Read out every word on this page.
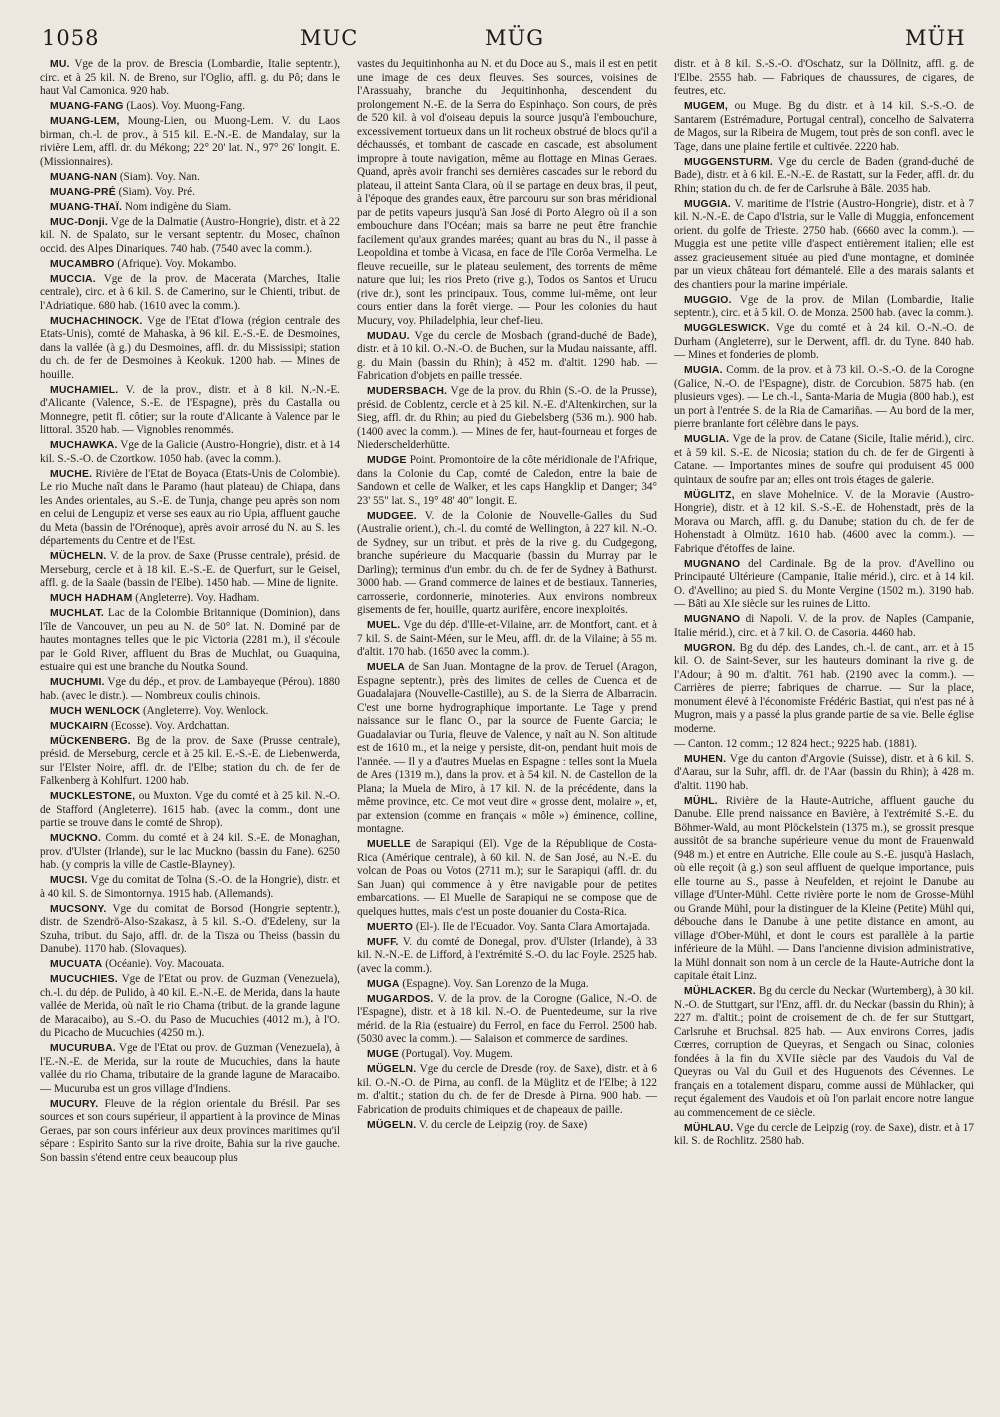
1058	MUC	MÜG	MÜH

MU. Vge de la prov. de Brescia (Lombardie, Italie septentr.), circ. et à 25 kil. N. de Breno, sur l'Oglio, affl. g. du Pô; dans le haut Val Camonica. 920 hab.

MUANG-FANG (Laos). Voy. Muong-Fang.

MUANG-LEM, Moung-Lien, ou Muong-Lem. V. du Laos birman, ch.-l. de prov., à 515 kil. E.-N.-E. de Mandalay, sur la rivière Lem, affl. dr. du Mékong; 22° 20' lat. N., 97° 26' longit. E. (Missionnaires).

MUANG-NAN (Siam). Voy. Nan.

MUANG-PRÉ (Siam). Voy. Pré.

MUANG-THAÏ. Nom indigène du Siam.

MUC-Donji. Vge de la Dalmatie (Austro-Hongrie), distr. et à 22 kil. N. de Spalato, sur le versant septentr. du Mosec, chaînon occid. des Alpes Dinariques. 740 hab. (7540 avec la comm.).

MUCAMBRO (Afrique). Voy. Mokambo.

MUCCIA. Vge de la prov. de Macerata (Marches, Italie centrale), circ. et à 6 kil. S. de Camerino, sur le Chienti, tribut. de l'Adriatique. 680 hab. (1610 avec la comm.).

MUCHACHINOCK. Vge de l'Etat d'Iowa (région centrale des Etats-Unis), comté de Mahaska, à 96 kil. E.-S.-E. de Desmoines, dans la vallée (à g.) du Desmoines, affl. dr. du Mississipi; station du ch. de fer de Desmoines à Keokuk. 1200 hab. — Mines de houille.

MUCHAMIEL. V. de la prov., distr. et à 8 kil. N.-N.-E. d'Alicante (Valence, S.-E. de l'Espagne), près du Castalla ou Monnegre, petit fl. côtier; sur la route d'Alicante à Valence par le littoral. 3520 hab. — Vignobles renommés.

MUCHAWKA. Vge de la Galicie (Austro-Hongrie), distr. et à 14 kil. S.-S.-O. de Czortkow. 1050 hab. (avec la comm.).

MUCHE. Rivière de l'Etat de Boyaca (Etats-Unis de Colombie). Le rio Muche naît dans le Paramo (haut plateau) de Chiapa, dans les Andes orientales, au S.-E. de Tunja, change peu après son nom en celui de Lengupiz et verse ses eaux au rio Upia, affluent gauche du Meta (bassin de l'Orénoque), après avoir arrosé du N. au S. les départements du Centre et de l'Est.

MÜCHELN. V. de la prov. de Saxe (Prusse centrale), présid. de Merseburg, cercle et à 18 kil. E.-S.-E. de Querfurt, sur le Geisel, affl. g. de la Saale (bassin de l'Elbe). 1450 hab. — Mine de lignite.

MUCH HADHAM (Angleterre). Voy. Hadham.

MUCHLAT. Lac de la Colombie Britannique (Dominion), dans l'île de Vancouver, un peu au N. de 50° lat. N. Dominé par de hautes montagnes telles que le pic Victoria (2281 m.), il s'écoule par le Gold River, affluent du Bras de Muchlat, ou Guaquina, estuaire qui est une branche du Noutka Sound.

MUCHUMI. Vge du dép., et prov. de Lambayeque (Pérou). 1880 hab. (avec le distr.). — Nombreux coulis chinois.

MUCH WENLOCK (Angleterre). Voy. Wenlock.

MUCKAIRN (Ecosse). Voy. Ardchattan.

MÜCKENBERG. Bg de la prov. de Saxe (Prusse centrale), présid. de Merseburg, cercle et à 25 kil. E.-S.-E. de Liebenwerda, sur l'Elster Noire, affl. dr. de l'Elbe; station du ch. de fer de Falkenberg à Kohlfurt. 1200 hab.

MUCKLESTONE, ou Muxton. Vge du comté et à 25 kil. N.-O. de Stafford (Angleterre). 1615 hab. (avec la comm., dont une partie se trouve dans le comté de Shrop).

MUCKNO. Comm. du comté et à 24 kil. S.-E. de Monaghan, prov. d'Ulster (Irlande), sur le lac Muckno (bassin du Fane). 6250 hab. (y compris la ville de Castle-Blayney).

MUCSI. Vge du comitat de Tolna (S.-O. de la Hongrie), distr. et à 40 kil. S. de Simontornya. 1915 hab. (Allemands).

MUCSONY. Vge du comitat de Borsod (Hongrie septentr.), distr. de Szendrö-Also-Szakasz, à 5 kil. S.-O. d'Edeleny, sur la Szuha, tribut. du Sajo, affl. dr. de la Tisza ou Theiss (bassin du Danube). 1170 hab. (Slovaques).

MUCUATA (Océanie). Voy. Macouata.

MUCUCHIES. Vge de l'Etat ou prov. de Guzman (Venezuela), ch.-l. du dép. de Pulido, à 40 kil. E.-N.-E. de Merida, dans la haute vallée de Merida, où naît le rio Chama (tribut. de la grande lagune de Maracaibo), au S.-O. du Paso de Mucuchies (4012 m.), à l'O. du Picacho de Mucuchies (4250 m.).

MUCURUBA. Vge de l'Etat ou prov. de Guzman (Venezuela), à l'E.-N.-E. de Merida, sur la route de Mucuchies, dans la haute vallée du rio Chama, tributaire de la grande lagune de Maracaibo. — Mucuruba est un gros village d'Indiens.

MUCURY. Fleuve de la région orientale du Brésil. Par ses sources et son cours supérieur, il appartient à la province de Minas Geraes, par son cours inférieur aux deux provinces maritimes qu'il sépare : Espirito Santo sur la rive droite, Bahia sur la rive gauche. Son bassin s'étend entre ceux beaucoup plus

vastes du Jequitinhonha au N. et du Doce au S., mais il est en petit une image de ces deux fleuves. Ses sources, voisines de l'Arassuahy, branche du Jequitinhonha, descendent du prolongement N.-E. de la Serra do Espinhaço. Son cours, de près de 520 kil. à vol d'oiseau depuis la source jusqu'à l'embouchure, excessivement tortueux dans un lit rocheux obstrué de blocs qu'il a déchaussés, et tombant de cascade en cascade, est absolument impropre à toute navigation, même au flottage en Minas Geraes. Quand, après avoir franchi ses dernières cascades sur le rebord du plateau, il atteint Santa Clara, où il se partage en deux bras, il peut, à l'époque des grandes eaux, être parcouru sur son bras méridional par de petits vapeurs jusqu'à San José di Porto Alegro où il a son embouchure dans l'Océan; mais sa barre ne peut être franchie facilement qu'aux grandes marées; quant au bras du N., il passe à Leopoldina et tombe à Vicasa, en face de l'île Corôa Vermelha. Le fleuve recueille, sur le plateau seulement, des torrents de même nature que lui; les rios Preto (rive g.), Todos os Santos et Urucu (rive dr.), sont les principaux. Tous, comme lui-même, ont leur cours entier dans la forêt vierge. — Pour les colonies du haut Mucury, voy. Philadelphia, leur chef-lieu.

MUDAU. Vge du cercle de Mosbach (grand-duché de Bade), distr. et à 10 kil. O.-N.-O. de Buchen, sur la Mudau naissante, affl. g. du Main (bassin du Rhin); à 452 m. d'altit. 1290 hab. — Fabrication d'objets en paille tressée.

MUDERSBACH. Vge de la prov. du Rhin (S.-O. de la Prusse), présid. de Coblentz, cercle et à 25 kil. N.-E. d'Altenkirchen, sur la Sieg, affl. dr. du Rhin; au pied du Giebelsberg (536 m.). 900 hab. (1400 avec la comm.). — Mines de fer, haut-fourneau et forges de Niederschelderhütte.

MUDGE Point. Promontoire de la côte méridionale de l'Afrique, dans la Colonie du Cap, comté de Caledon, entre la baie de Sandown et celle de Walker, et les caps Hangklip et Danger; 34° 23' 55" lat. S., 19° 48' 40" longit. E.

MUDGEE. V. de la Colonie de Nouvelle-Galles du Sud (Australie orient.), ch.-l. du comté de Wellington, à 227 kil. N.-O. de Sydney, sur un tribut. et près de la rive g. du Cudgegong, branche supérieure du Macquarie (bassin du Murray par le Darling); terminus d'un embr. du ch. de fer de Sydney à Bathurst. 3000 hab. — Grand commerce de laines et de bestiaux. Tanneries, carrosserie, cordonnerie, minoteries. Aux environs nombreux gisements de fer, houille, quartz aurifère, encore inexploités.

MUEL. Vge du dép. d'Ille-et-Vilaine, arr. de Montfort, cant. et à 7 kil. S. de Saint-Méen, sur le Meu, affl. dr. de la Vilaine; à 55 m. d'altit. 170 hab. (1650 avec la comm.).

MUELA de San Juan. Montagne de la prov. de Teruel (Aragon, Espagne septentr.), près des limites de celles de Cuenca et de Guadalajara (Nouvelle-Castille), au S. de la Sierra de Albarracin. C'est une borne hydrographique importante. Le Tage y prend naissance sur le flanc O., par la source de Fuente Garcia; le Guadalaviar ou Turia, fleuve de Valence, y naît au N. Son altitude est de 1610 m., et la neige y persiste, dit-on, pendant huit mois de l'année. — Il y a d'autres Muelas en Espagne : telles sont la Muela de Ares (1319 m.), dans la prov. et à 54 kil. N. de Castellon de la Plana; la Muela de Miro, à 17 kil. N. de la précédente, dans la même province, etc. Ce mot veut dire « grosse dent, molaire », et, par extension (comme en français « môle ») éminence, colline, montagne.

MUELLE de Sarapiqui (El). Vge de la République de Costa-Rica (Amérique centrale), à 60 kil. N. de San José, au N.-E. du volcan de Poas ou Votos (2711 m.); sur le Sarapiqui (affl. dr. du San Juan) qui commence à y être navigable pour de petites embarcations. — El Muelle de Sarapiqui ne se compose que de quelques huttes, mais c'est un poste douanier du Costa-Rica.

MUERTO (El-). Ile de l'Ecuador. Voy. Santa Clara Amortajada.

MUFF. V. du comté de Donegal, prov. d'Ulster (Irlande), à 33 kil. N.-N.-E. de Lifford, à l'extrémité S.-O. du lac Foyle. 2525 hab. (avec la comm.).

MUGA (Espagne). Voy. San Lorenzo de la Muga.

MUGARDOS. V. de la prov. de la Corogne (Galice, N.-O. de l'Espagne), distr. et à 18 kil. N.-O. de Puentedeume, sur la rive mérid. de la Ria (estuaire) du Ferrol, en face du Ferrol. 2500 hab. (5030 avec la comm.). — Salaison et commerce de sardines.

MUGE (Portugal). Voy. Mugem.

MÜGELN. Vge du cercle de Dresde (roy. de Saxe), distr. et à 6 kil. O.-N.-O. de Pirna, au confl. de la Müglitz et de l'Elbe; à 122 m. d'altit.; station du ch. de fer de Dresde à Pirna. 900 hab. — Fabrication de produits chimiques et de chapeaux de paille.

MÜGELN. V. du cercle de Leipzig (roy. de Saxe)

distr. et à 8 kil. S.-S.-O. d'Oschatz, sur la Döllnitz, affl. g. de l'Elbe. 2555 hab. — Fabriques de chaussures, de cigares, de feutres, etc.

MUGEM, ou Muge. Bg du distr. et à 14 kil. S.-S.-O. de Santarem (Estrémadure, Portugal central), concelho de Salvaterra de Magos, sur la Ribeira de Mugem, tout près de son confl. avec le Tage, dans une plaine fertile et cultivée. 2220 hab.

MUGGENSTURM. Vge du cercle de Baden (grand-duché de Bade), distr. et à 6 kil. E.-N.-E. de Rastatt, sur la Feder, affl. dr. du Rhin; station du ch. de fer de Carlsruhe à Bâle. 2035 hab.

MUGGIA. V. maritime de l'Istrie (Austro-Hongrie), distr. et à 7 kil. N.-N.-E. de Capo d'Istria, sur le Valle di Muggia, enfoncement orient. du golfe de Trieste. 2750 hab. (6660 avec la comm.). — Muggia est une petite ville d'aspect entièrement italien; elle est assez gracieusement située au pied d'une montagne, et dominée par un vieux château fort démantelé. Elle a des marais salants et des chantiers pour la marine impériale.

MUGGIO. Vge de la prov. de Milan (Lombardie, Italie septentr.), circ. et à 5 kil. O. de Monza. 2500 hab. (avec la comm.).

MUGGLESWICK. Vge du comté et à 24 kil. O.-N.-O. de Durham (Angleterre), sur le Derwent, affl. dr. du Tyne. 840 hab. — Mines et fonderies de plomb.

MUGIA. Comm. de la prov. et à 73 kil. O.-S.-O. de la Corogne (Galice, N.-O. de l'Espagne), distr. de Corcubion. 5875 hab. (en plusieurs vges). — Le ch.-l., Santa-Maria de Mugia (800 hab.), est un port à l'entrée S. de la Ria de Camariñas. — Au bord de la mer, pierre branlante fort célèbre dans le pays.

MUGLIA. Vge de la prov. de Catane (Sicile, Italie mérid.), circ. et à 59 kil. S.-E. de Nicosia; station du ch. de fer de Girgenti à Catane. — Importantes mines de soufre qui produisent 45 000 quintaux de soufre par an; elles ont trois étages de galerie.

MÜGLITZ, en slave Mohelnice. V. de la Moravie (Austro-Hongrie), distr. et à 12 kil. S.-S.-E. de Hohenstadt, près de la Morava ou March, affl. g. du Danube; station du ch. de fer de Hohenstadt à Olmütz. 1610 hab. (4600 avec la comm.). — Fabrique d'étoffes de laine.

MUGNANO del Cardinale. Bg de la prov. d'Avellino ou Principauté Ultérieure (Campanie, Italie mérid.), circ. et à 14 kil. O. d'Avellino; au pied S. du Monte Vergine (1502 m.). 3190 hab. — Bâti au XIe siècle sur les ruines de Litto.

MUGNANO di Napoli. V. de la prov. de Naples (Campanie, Italie mérid.), circ. et à 7 kil. O. de Casoria. 4460 hab.

MUGRON. Bg du dép. des Landes, ch.-l. de cant., arr. et à 15 kil. O. de Saint-Sever, sur les hauteurs dominant la rive g. de l'Adour; à 90 m. d'altit. 761 hab. (2190 avec la comm.). — Carrières de pierre; fabriques de charrue. — Sur la place, monument élevé à l'économiste Frédéric Bastiat, qui n'est pas né à Mugron, mais y a passé la plus grande partie de sa vie. Belle église moderne.

— Canton. 12 comm.; 12 824 hect.; 9225 hab. (1881).

MUHEN. Vge du canton d'Argovie (Suisse), distr. et à 6 kil. S. d'Aarau, sur la Suhr, affl. dr. de l'Aar (bassin du Rhin); à 428 m. d'altit. 1190 hab.

MÜHL. Rivière de la Haute-Autriche, affluent gauche du Danube. Elle prend naissance en Bavière, à l'extrémité S.-E. du Böhmer-Wald, au mont Plöckelstein (1375 m.), se grossit presque aussitôt de sa branche supérieure venue du mont de Frauenwald (948 m.) et entre en Autriche. Elle coule au S.-E. jusqu'à Haslach, où elle reçoit (à g.) son seul affluent de quelque importance, puis elle tourne au S., passe à Neufelden, et rejoint le Danube au village d'Unter-Mühl. Cette rivière porte le nom de Grosse-Mühl ou Grande Mühl, pour la distinguer de la Kleine (Petite) Mühl qui, débouche dans le Danube à une petite distance en amont, au village d'Ober-Mühl, et dont le cours est parallèle à la partie inférieure de la Mühl. — Dans l'ancienne division administrative, la Mühl donnait son nom à un cercle de la Haute-Autriche dont la capitale était Linz.

MÜHLACKER. Bg du cercle du Neckar (Wurtemberg), à 30 kil. N.-O. de Stuttgart, sur l'Enz, affl. dr. du Neckar (bassin du Rhin); à 227 m. d'altit.; point de croisement de ch. de fer sur Stuttgart, Carlsruhe et Bruchsal. 825 hab. — Aux environs Corres, jadis Cœrres, corruption de Queyras, et Sengach ou Sinac, colonies fondées à la fin du XVIIe siècle par des Vaudois du Val de Queyras ou Val du Guil et des Huguenots des Cévennes. Le français en a totalement disparu, comme aussi de Mühlacker, qui reçut également des Vaudois et où l'on parlait encore notre langue au commencement de ce siècle.

MÜHLAU. Vge du cercle de Leipzig (roy. de Saxe), distr. et à 17 kil. S. de Rochlitz. 2580 hab.
